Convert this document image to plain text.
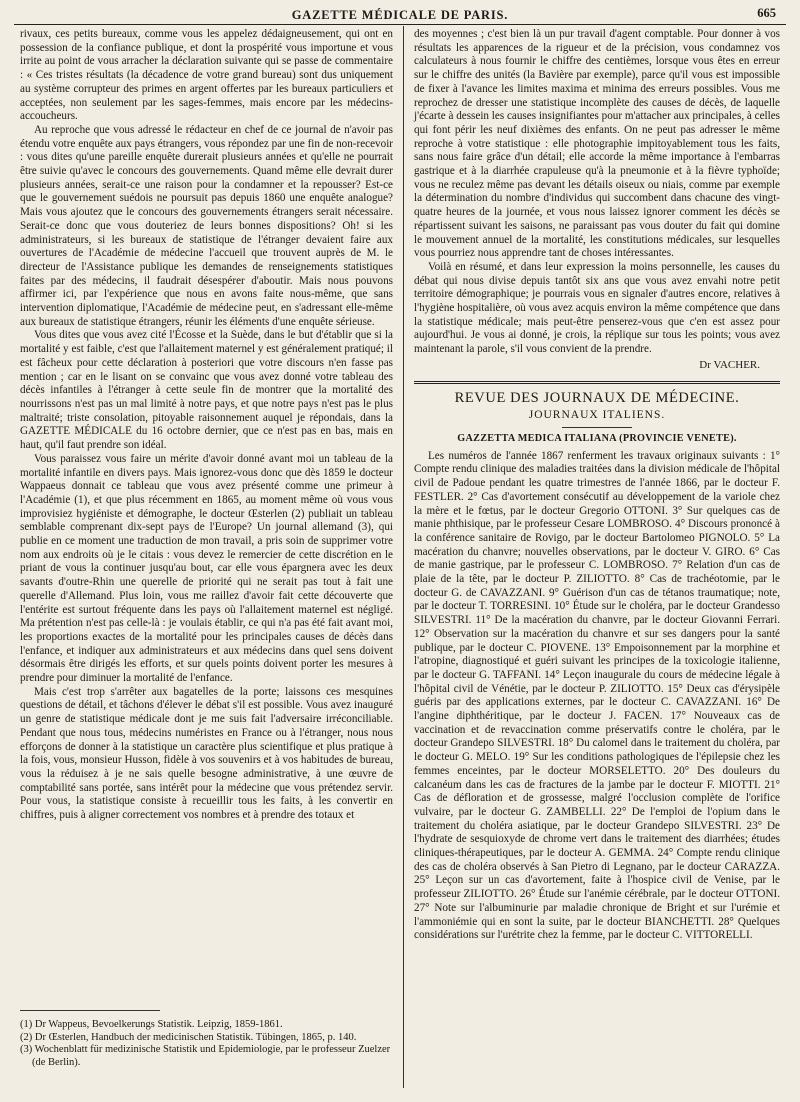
GAZETTE MÉDICALE DE PARIS.	665

rivaux, ces petits bureaux, comme vous les appelez dédaigneusement, qui ont en possession de la confiance publique, et dont la prospérité vous importune et vous irrite au point de vous arracher la déclaration suivante qui se passe de commentaire : « Ces tristes résultats (la décadence de votre grand bureau) sont dus uniquement au système corrupteur des primes en argent offertes par les bureaux particuliers et acceptées, non seulement par les sages-femmes, mais encore par les médecins-accoucheurs.

Au reproche que vous adressé le rédacteur en chef de ce journal de n'avoir pas étendu votre enquête aux pays étrangers, vous répondez par une fin de non-recevoir : vous dites qu'une pareille enquête durerait plusieurs années et qu'elle ne pourrait être suivie qu'avec le concours des gouvernements. Quand même elle devrait durer plusieurs années, serait-ce une raison pour la condamner et la repousser? Est-ce que le gouvernement suédois ne poursuit pas depuis 1860 une enquête analogue? Mais vous ajoutez que le concours des gouvernements étrangers serait nécessaire. Serait-ce donc que vous douteriez de leurs bonnes dispositions? Oh! si les administrateurs, si les bureaux de statistique de l'étranger devaient faire aux ouvertures de l'Académie de médecine l'accueil que trouvent auprès de M. le directeur de l'Assistance publique les demandes de renseignements statistiques faites par des médecins, il faudrait désespérer d'aboutir. Mais nous pouvons affirmer ici, par l'expérience que nous en avons faite nous-même, que sans intervention diplomatique, l'Académie de médecine peut, en s'adressant elle-même aux bureaux de statistique étrangers, réunir les éléments d'une enquête sérieuse.

Vous dites que vous avez cité l'Écosse et la Suède, dans le but d'établir que si la mortalité y est faible, c'est que l'allaitement maternel y est généralement pratiqué; il est fâcheux pour cette déclaration à posteriori que votre discours n'en fasse pas mention ; car en le lisant on se convainc que vous avez donné votre tableau des décès infantiles à l'étranger à cette seule fin de montrer que la mortalité des nourrissons n'est pas un mal limité à notre pays, et que notre pays n'est pas le plus maltraité; triste consolation, pitoyable raisonnement auquel je répondais, dans la GAZETTE MÉDICALE du 16 octobre dernier, que ce n'est pas en bas, mais en haut, qu'il faut prendre son idéal.

Vous paraissez vous faire un mérite d'avoir donné avant moi un tableau de la mortalité infantile en divers pays. Mais ignorez-vous donc que dès 1859 le docteur Wappaeus donnait ce tableau que vous avez présenté comme une primeur à l'Académie (1), et que plus récemment en 1865, au moment même où vous vous improvisiez hygiéniste et démographe, le docteur Œsterlen (2) publiait un tableau semblable comprenant dix-sept pays de l'Europe? Un journal allemand (3), qui publie en ce moment une traduction de mon travail, a pris soin de supprimer votre nom aux endroits où je le citais : vous devez le remercier de cette discrétion en le priant de vous la continuer jusqu'au bout, car elle vous épargnera avec les deux savants d'outre-Rhin une querelle de priorité qui ne serait pas tout à fait une querelle d'Allemand. Plus loin, vous me raillez d'avoir fait cette découverte que l'entérite est surtout fréquente dans les pays où l'allaitement maternel est négligé. Ma prétention n'est pas celle-là : je voulais établir, ce qui n'a pas été fait avant moi, les proportions exactes de la mortalité pour les principales causes de décès dans l'enfance, et indiquer aux administrateurs et aux médecins dans quel sens doivent désormais être dirigés les efforts, et sur quels points doivent porter les mesures à prendre pour diminuer la mortalité de l'enfance.

Mais c'est trop s'arrêter aux bagatelles de la porte; laissons ces mesquines questions de détail, et tâchons d'élever le débat s'il est possible. Vous avez inauguré un genre de statistique médicale dont je me suis fait l'adversaire irréconciliable. Pendant que nous tous, médecins numéristes en France ou à l'étranger, nous nous efforçons de donner à la statistique un caractère plus scientifique et plus pratique à la fois, vous, monsieur Husson, fidèle à vos souvenirs et à vos habitudes de bureau, vous la réduisez à je ne sais quelle besogne administrative, à une œuvre de comptabilité sans portée, sans intérêt pour la médecine que vous prétendez servir. Pour vous, la statistique consiste à recueillir tous les faits, à les convertir en chiffres, puis à aligner correctement vos nombres et à prendre des totaux et

(1) Dr Wappeus, Bevoelkerungs Statistik. Leipzig, 1859-1861.

(2) Dr Œsterlen, Handbuch der medicinischen Statistik. Tübingen, 1865, p. 140.

(3) Wochenblatt für medizinische Statistik und Epidemiologie, par le professeur Zuelzer (de Berlin).

des moyennes ; c'est bien là un pur travail d'agent comptable. Pour donner à vos résultats les apparences de la rigueur et de la précision, vous condamnez vos calculateurs à nous fournir le chiffre des centièmes, lorsque vous êtes en erreur sur le chiffre des unités (la Bavière par exemple), parce qu'il vous est impossible de fixer à l'avance les limites maxima et minima des erreurs possibles. Vous me reprochez de dresser une statistique incomplète des causes de décès, de laquelle j'écarte à dessein les causes insignifiantes pour m'attacher aux principales, à celles qui font périr les neuf dixièmes des enfants. On ne peut pas adresser le même reproche à votre statistique : elle photographie impitoyablement tous les faits, sans nous faire grâce d'un détail; elle accorde la même importance à l'embarras gastrique et à la diarrhée crapuleuse qu'à la pneumonie et à la fièvre typhoïde; vous ne reculez même pas devant les détails oiseux ou niais, comme par exemple la détermination du nombre d'individus qui succombent dans chacune des vingt-quatre heures de la journée, et vous nous laissez ignorer comment les décès se répartissent suivant les saisons, ne paraissant pas vous douter du fait qui domine le mouvement annuel de la mortalité, les constitutions médicales, sur lesquelles vous pourriez nous apprendre tant de choses intéressantes.

Voilà en résumé, et dans leur expression la moins personnelle, les causes du débat qui nous divise depuis tantôt six ans que vous avez envahi notre petit territoire démographique; je pourrais vous en signaler d'autres encore, relatives à l'hygiène hospitalière, où vous avez acquis environ la même compétence que dans la statistique médicale; mais peut-être penserez-vous que c'en est assez pour aujourd'hui. Je vous ai donné, je crois, la réplique sur tous les points; vous avez maintenant la parole, s'il vous convient de la prendre.

Dr VACHER.
REVUE DES JOURNAUX DE MÉDECINE.
JOURNAUX ITALIENS.
GAZZETTA MEDICA ITALIANA (PROVINCIE VENETE).

Les numéros de l'année 1867 renferment les travaux originaux suivants : 1° Compte rendu clinique des maladies traitées dans la division médicale de l'hôpital civil de Padoue pendant les quatre trimestres de l'année 1866, par le docteur F. FESTLER. 2° Cas d'avortement consécutif au développement de la variole chez la mère et le fœtus, par le docteur Gregorio OTTONI. 3° Sur quelques cas de manie phthisique, par le professeur Cesare LOMBROSO. 4° Discours prononcé à la conférence sanitaire de Rovigo, par le docteur Bartolomeo PIGNOLO. 5° La macération du chanvre; nouvelles observations, par le docteur V. GIRO. 6° Cas de manie gastrique, par le professeur C. LOMBROSO. 7° Relation d'un cas de plaie de la tête, par le docteur P. ZILIOTTO. 8° Cas de trachéotomie, par le docteur G. de CAVAZZANI. 9° Guérison d'un cas de tétanos traumatique; note, par le docteur T. TORRESINI. 10° Étude sur le choléra, par le docteur Grandesso SILVESTRI. 11° De la macération du chanvre, par le docteur Giovanni Ferrari. 12° Observation sur la macération du chanvre et sur ses dangers pour la santé publique, par le docteur C. PIOVENE. 13° Empoisonnement par la morphine et l'atropine, diagnostiqué et guéri suivant les principes de la toxicologie italienne, par le docteur G. TAFFANI. 14° Leçon inaugurale du cours de médecine légale à l'hôpital civil de Vénétie, par le docteur P. ZILIOTTO. 15° Deux cas d'érysipèle guéris par des applications externes, par le docteur C. CAVAZZANI. 16° De l'angine diphthéritique, par le docteur J. FACEN. 17° Nouveaux cas de vaccination et de revaccination comme préservatifs contre le choléra, par le docteur Grandepo SILVESTRI. 18° Du calomel dans le traitement du choléra, par le docteur G. MELO. 19° Sur les conditions pathologiques de l'épilepsie chez les femmes enceintes, par le docteur MORSELETTO. 20° Des douleurs du calcanéum dans les cas de fractures de la jambe par le docteur F. MIOTTI. 21° Cas de défloration et de grossesse, malgré l'occlusion complète de l'orifice vulvaire, par le docteur G. ZAMBELLI. 22° De l'emploi de l'opium dans le traitement du choléra asiatique, par le docteur Grandepo SILVESTRI. 23° De l'hydrate de sesquioxyde de chrome vert dans le traitement des diarrhées; études cliniques-thérapeutiques, par le docteur A. GEMMA. 24° Compte rendu clinique des cas de choléra observés à San Pietro di Legnano, par le docteur CARAZZA. 25° Leçon sur un cas d'avortement, faite à l'hospice civil de Venise, par le professeur ZILIOTTO. 26° Étude sur l'anémie cérébrale, par le docteur OTTONI. 27° Note sur l'albuminurie par maladie chronique de Bright et sur l'urémie et l'ammoniémie qui en sont la suite, par le docteur BIANCHETTI. 28° Quelques considérations sur l'urétrite chez la femme, par le docteur C. VITTORELLI.
